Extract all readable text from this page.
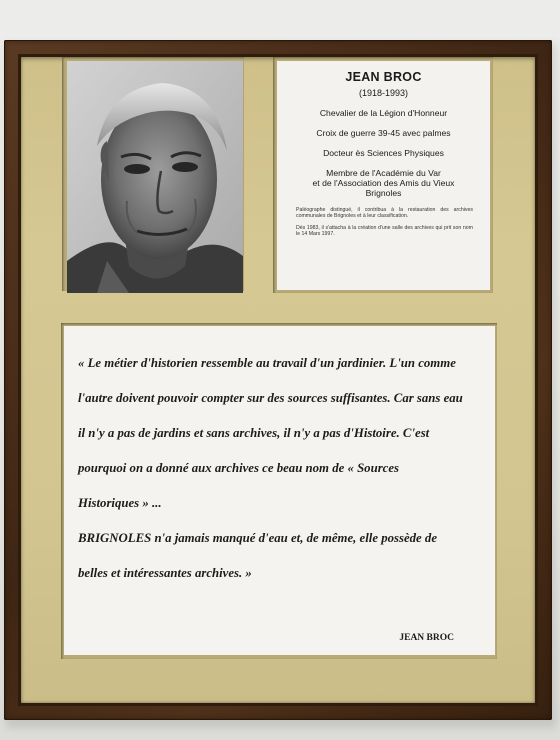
JEAN BROC
(1918-1993)
Chevalier de la Légion d'Honneur
Croix de guerre 39-45 avec palmes
Docteur ès Sciences Physiques
Membre de l'Académie du Var
et de l'Association des Amis du Vieux
Brignoles
Paléographe distingué, il contribua à la restauration des archives communales de Brignoles et à leur classification.
Dès 1983, il s'attacha à la création d'une salle des archives qui prit son nom le 14 Mars 1997.
« Le métier d'historien ressemble au travail d'un jardinier. L'un comme
l'autre doivent pouvoir compter sur des sources suffisantes. Car sans eau
il n'y a pas de jardins et sans archives, il n'y a pas d'Histoire. C'est
pourquoi on a donné aux archives ce beau nom de « Sources
Historiques » ...
BRIGNOLES n'a jamais manqué d'eau et, de même, elle possède de
belles et intéressantes archives. »
JEAN BROC
